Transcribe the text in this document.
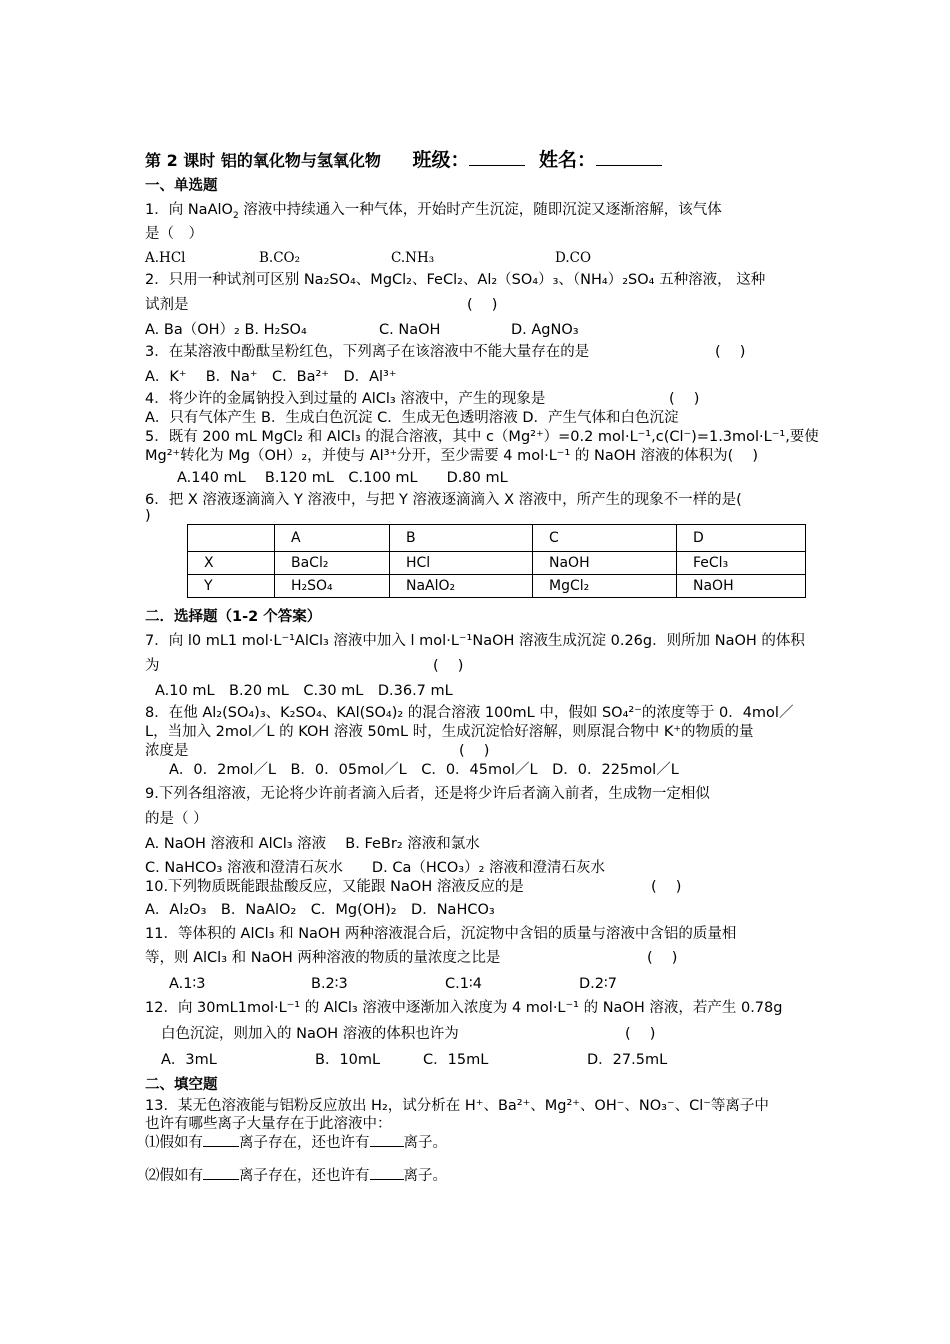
第 2 课时 铝的氧化物与氢氧化物 班级：	姓名：
一、单选题
1．向 NaAlO$_2$ 溶液中持续通入一种气体，开始时产生沉淀，随即沉淀又逐渐溶解，该气体
是（　）
A.HCl	B.CO₂	C.NH₃	D.CO
2．只用一种试剂可区别 Na₂SO₄、MgCl₂、FeCl₂、Al₂（SO₄）₃、（NH₄）₂SO₄ 五种溶液， 这种
试剂是	(　 )
A. Ba（OH）₂ B. H₂SO₄	C. NaOH	D. AgNO₃
3．在某溶液中酚酞呈粉红色，下列离子在该溶液中不能大量存在的是	(　 )
A．K⁺　 B．Na⁺　C．Ba²⁺　D．Al³⁺
4．将少许的金属钠投入到过量的 AlCl₃ 溶液中，产生的现象是	(　 )
A．只有气体产生 B．生成白色沉淀 C．生成无色透明溶液 D．产生气体和白色沉淀
5．既有 200 mL MgCl₂ 和 AlCl₃ 的混合溶液，其中 c（Mg²⁺）=0.2 mol·L⁻¹,c(Cl⁻)=1.3mol·L⁻¹,要使
Mg²⁺转化为 Mg（OH）₂，并使与 Al³⁺分开，至少需要 4 mol·L⁻¹ 的 NaOH 溶液的体积为(　 )
A.140 mL　 B.120 mL　C.100 mL　　D.80 mL
6．把 X 溶液逐滴滴入 Y 溶液中，与把 Y 溶液逐滴滴入 X 溶液中，所产生的现象不一样的是(
)
	A	B	C	D
X	BaCl₂	HCl	NaOH	FeCl₃
Y	H₂SO₄	NaAlO₂	MgCl₂	NaOH
二．选择题（1-2 个答案）
7．向 l0 mL1 mol·L⁻¹AlCl₃ 溶液中加入 l mol·L⁻¹NaOH 溶液生成沉淀 0.26g．则所加 NaOH 的体积
为	(　 )
A.10 mL　B.20 mL　C.30 mL　D.36.7 mL
8．在他 Al₂(SO₄)₃、K₂SO₄、KAl(SO₄)₂ 的混合溶液 100mL 中，假如 SO₄²⁻的浓度等于 0．4mol／
L，当加入 2mol／L 的 KOH 溶液 50mL 时，生成沉淀恰好溶解，则原混合物中 K⁺的物质的量
浓度是	(　 )
A．0．2mol／L　B．0．05mol／L　C．0．45mol／L　D．0．225mol／L
9.下列各组溶液，无论将少许前者滴入后者，还是将少许后者滴入前者，生成物一定相似
的是（ ）
A. NaOH 溶液和 AlCl₃ 溶液　 B. FeBr₂ 溶液和氯水
C. NaHCO₃ 溶液和澄清石灰水　　D. Ca（HCO₃）₂ 溶液和澄清石灰水
10.下列物质既能跟盐酸反应，又能跟 NaOH 溶液反应的是	(　 )
A．Al₂O₃　B．NaAlO₂　C．Mg(OH)₂　D．NaHCO₃
11．等体积的 AlCl₃ 和 NaOH 两种溶液混合后，沉淀物中含铝的质量与溶液中含铝的质量相
等，则 AlCl₃ 和 NaOH 两种溶液的物质的量浓度之比是	(　 )
A.1∶3	B.2∶3	C.1∶4	D.2∶7
12．向 30mL1mol·L⁻¹ 的 AlCl₃ 溶液中逐渐加入浓度为 4 mol·L⁻¹ 的 NaOH 溶液，若产生 0.78g
白色沉淀，则加入的 NaOH 溶液的体积也许为	(　 )
A．3mL	B．10mL	C．15mL	D．27.5mL
二、填空题
13．某无色溶液能与铝粉反应放出 H₂，试分析在 H⁺、Ba²⁺、Mg²⁺、OH⁻、NO₃⁻、Cl⁻等离子中
也许有哪些离子大量存在于此溶液中：
⑴假如有 离子存在，还也许有 离子。
⑵假如有 离子存在，还也许有 离子。
